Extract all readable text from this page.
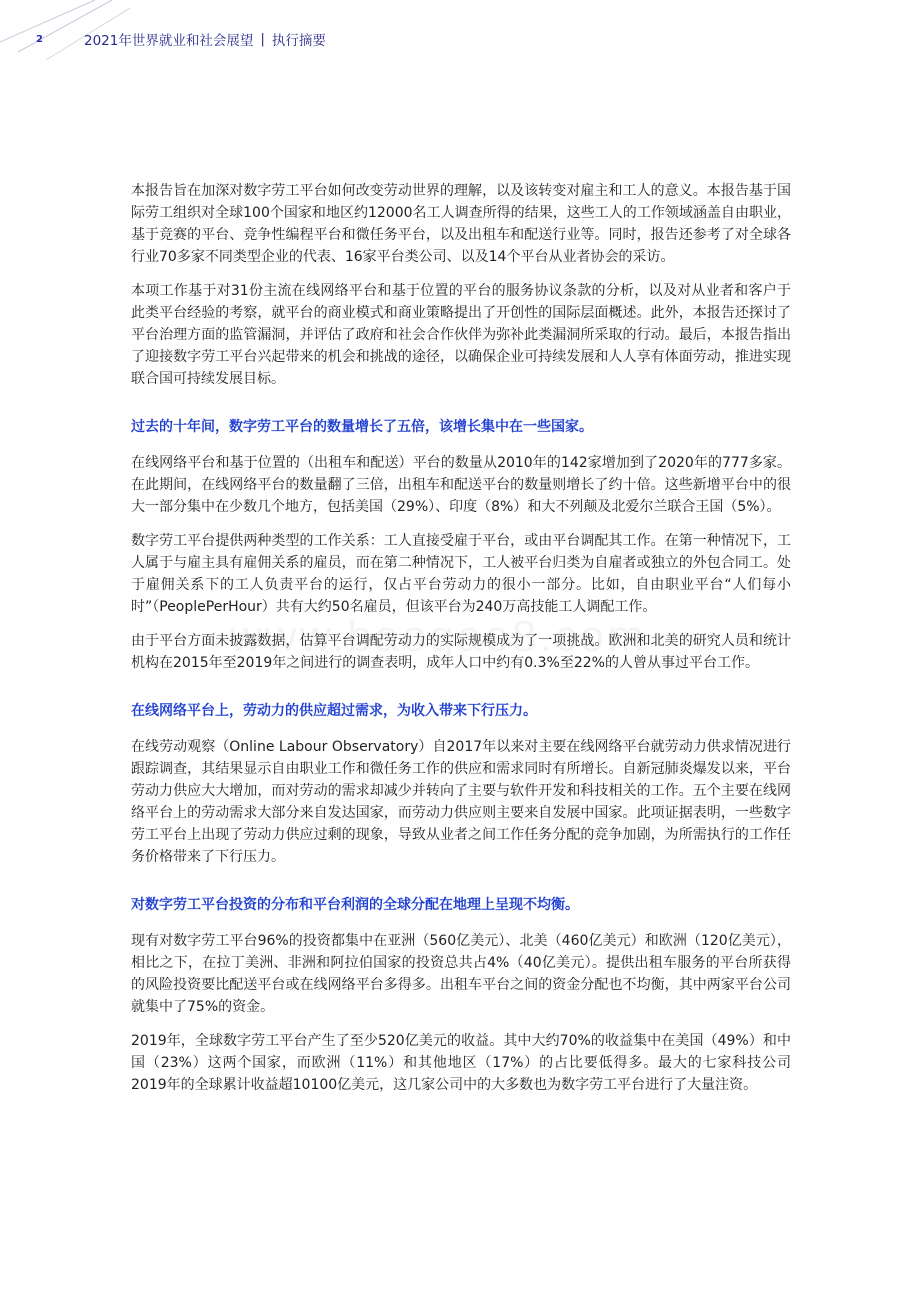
2	2021年世界就业和社会展望 | 执行摘要

本报告旨在加深对数字劳工平台如何改变劳动世界的理解，以及该转变对雇主和工人的意义。本报告基于国际劳工组织对全球100个国家和地区约12000名工人调查所得的结果，这些工人的工作领域涵盖自由职业，基于竞赛的平台、竞争性编程平台和微任务平台，以及出租车和配送行业等。同时，报告还参考了对全球各行业70多家不同类型企业的代表、16家平台类公司、以及14个平台从业者协会的采访。

本项工作基于对31份主流在线网络平台和基于位置的平台的服务协议条款的分析，以及对从业者和客户于此类平台经验的考察，就平台的商业模式和商业策略提出了开创性的国际层面概述。此外，本报告还探讨了平台治理方面的监管漏洞，并评估了政府和社会合作伙伴为弥补此类漏洞所采取的行动。最后，本报告指出了迎接数字劳工平台兴起带来的机会和挑战的途径，以确保企业可持续发展和人人享有体面劳动，推进实现联合国可持续发展目标。

过去的十年间，数字劳工平台的数量增长了五倍，该增长集中在一些国家。

在线网络平台和基于位置的（出租车和配送）平台的数量从2010年的142家增加到了2020年的777多家。在此期间，在线网络平台的数量翻了三倍，出租车和配送平台的数量则增长了约十倍。这些新增平台中的很大一部分集中在少数几个地方，包括美国（29%）、印度（8%）和大不列颠及北爱尔兰联合王国（5%）。

数字劳工平台提供两种类型的工作关系：工人直接受雇于平台，或由平台调配其工作。在第一种情况下，工人属于与雇主具有雇佣关系的雇员，而在第二种情况下，工人被平台归类为自雇者或独立的外包合同工。处于雇佣关系下的工人负责平台的运行，仅占平台劳动力的很小一部分。比如，自由职业平台“人们每小时”（PeoplePerHour）共有大约50名雇员，但该平台为240万高技能工人调配工作。

由于平台方面未披露数据，估算平台调配劳动力的实际规模成为了一项挑战。欧洲和北美的研究人员和统计机构在2015年至2019年之间进行的调查表明，成年人口中约有0.3%至22%的人曾从事过平台工作。

在线网络平台上，劳动力的供应超过需求，为收入带来下行压力。

在线劳动观察（Online Labour Observatory）自2017年以来对主要在线网络平台就劳动力供求情况进行跟踪调查，其结果显示自由职业工作和微任务工作的供应和需求同时有所增长。自新冠肺炎爆发以来，平台劳动力供应大大增加，而对劳动的需求却减少并转向了主要与软件开发和科技相关的工作。五个主要在线网络平台上的劳动需求大部分来自发达国家，而劳动力供应则主要来自发展中国家。此项证据表明，一些数字劳工平台上出现了劳动力供应过剩的现象，导致从业者之间工作任务分配的竞争加剧，为所需执行的工作任务价格带来了下行压力。

对数字劳工平台投资的分布和平台利润的全球分配在地理上呈现不均衡。

现有对数字劳工平台96%的投资都集中在亚洲（560亿美元）、北美（460亿美元）和欧洲（120亿美元），相比之下，在拉丁美洲、非洲和阿拉伯国家的投资总共占4%（40亿美元）。提供出租车服务的平台所获得的风险投资要比配送平台或在线网络平台多得多。出租车平台之间的资金分配也不均衡，其中两家平台公司就集中了75%的资金。

2019年，全球数字劳工平台产生了至少520亿美元的收益。其中大约70%的收益集中在美国（49%）和中国（23%）这两个国家，而欧洲（11%）和其他地区（17%）的占比要低得多。最大的七家科技公司2019年的全球累计收益超10100亿美元，这几家公司中的大多数也为数字劳工平台进行了大量注资。
